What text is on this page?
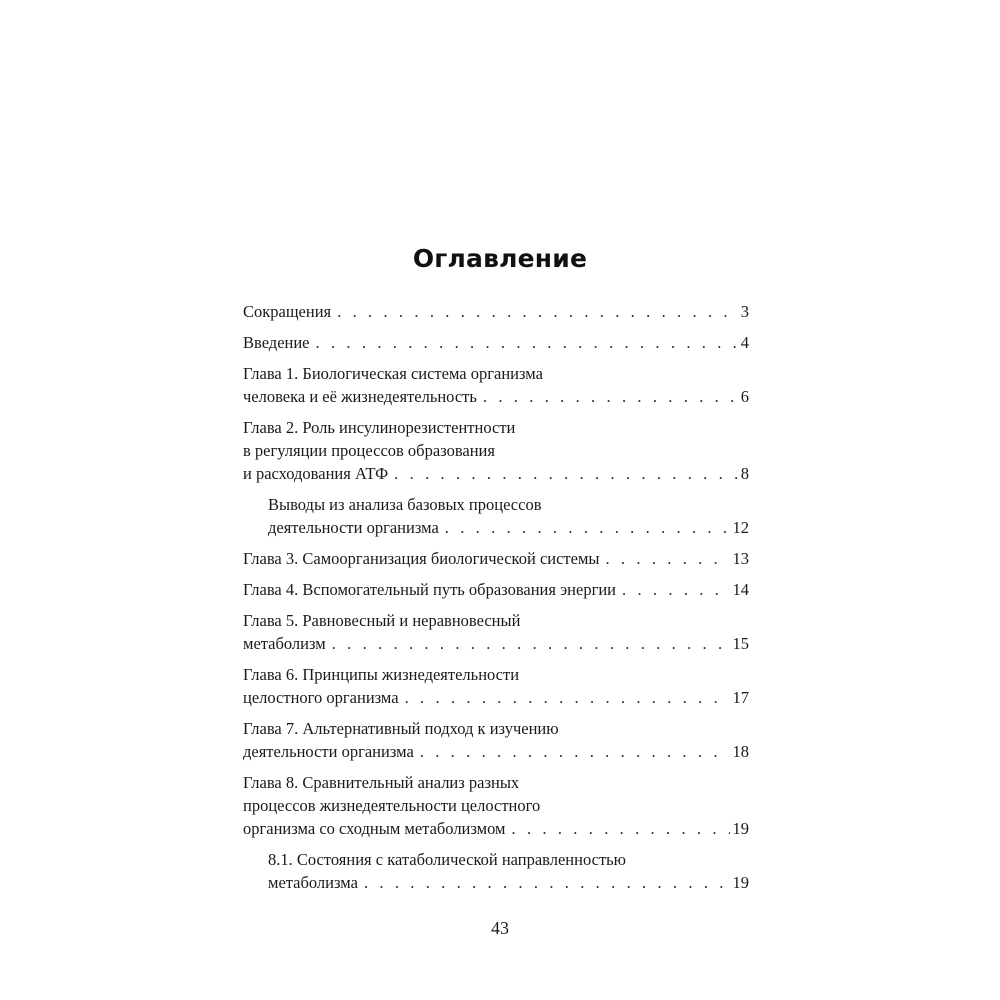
Оглавление
Сокращения . . .	3
Введение . . .	4
Глава 1. Биологическая система организма
человека и её жизнедеятельность . . .	6
Глава 2. Роль инсулинорезистентности
в регуляции процессов образования
и расходования АТФ . . .	8
Выводы из анализа базовых процессов
деятельности организма . . .	12
Глава 3. Самоорганизация биологической системы . . .	13
Глава 4. Вспомогательный путь образования энергии . . .	14
Глава 5. Равновесный и неравновесный
метаболизм . . .	15
Глава 6. Принципы жизнедеятельности
целостного организма . . .	17
Глава 7. Альтернативный подход к изучению
деятельности организма . . .	18
Глава 8. Сравнительный анализ разных
процессов жизнедеятельности целостного
организма со сходным метаболизмом . . .	19
8.1. Состояния с катаболической направленностью
метаболизма . . .	19
43
